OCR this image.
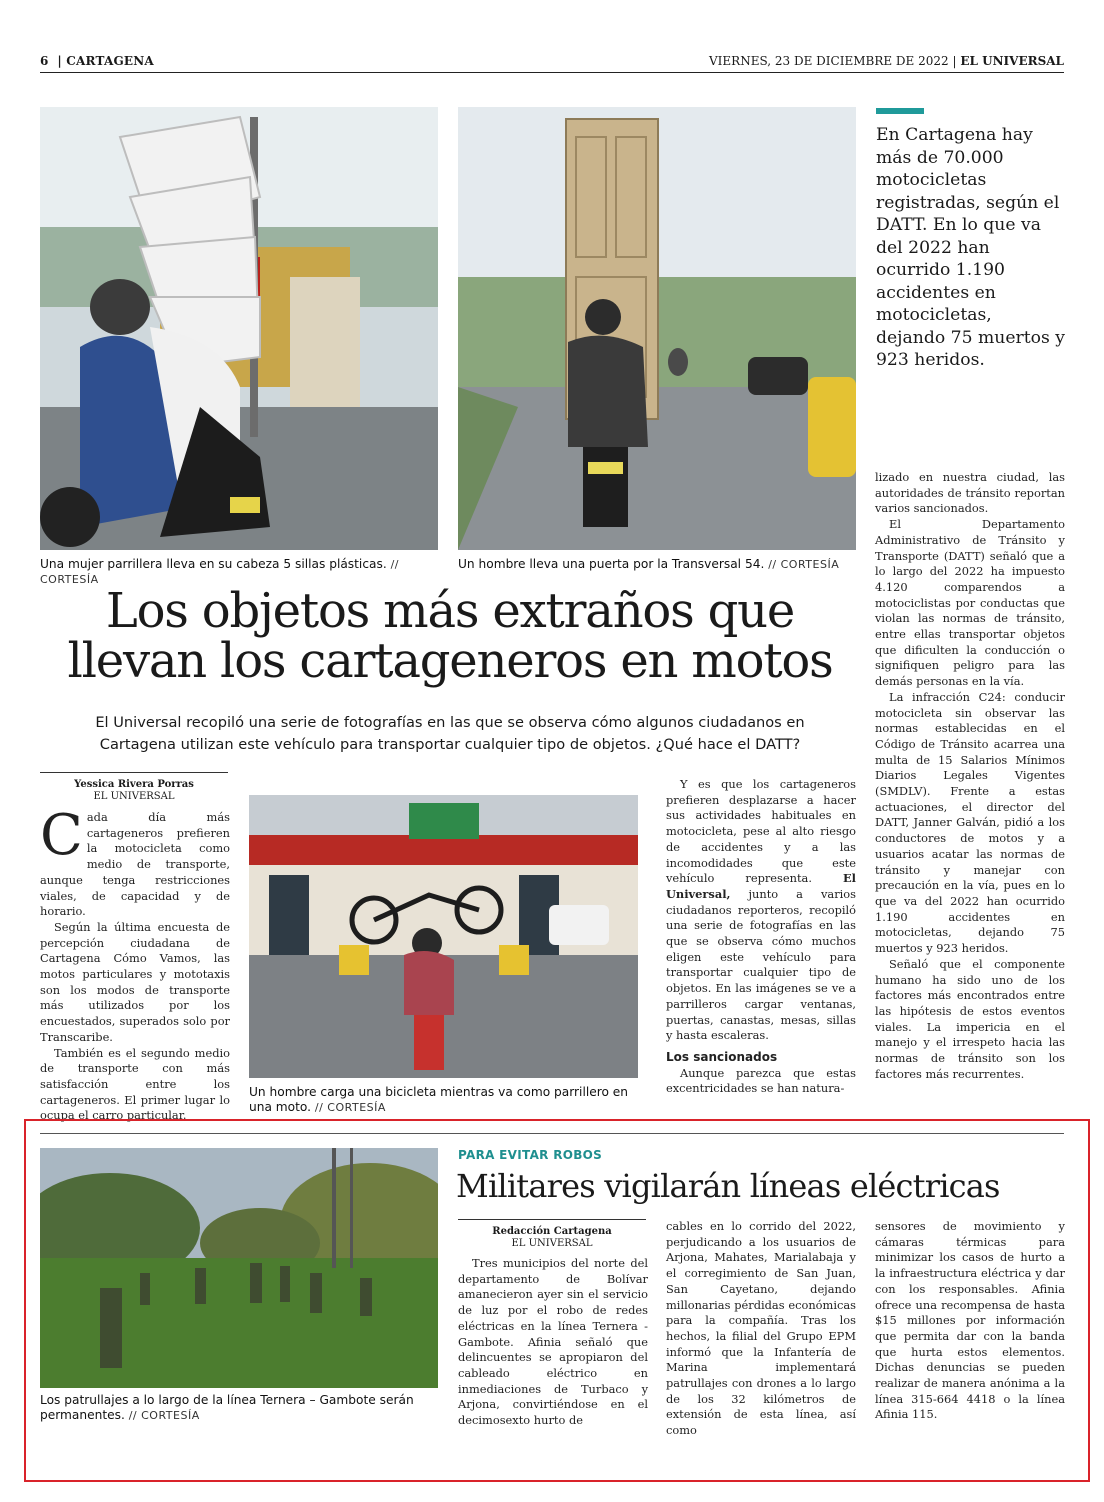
6  | CARTAGENA	VIERNES, 23 DE DICIEMBRE DE 2022 | EL UNIVERSAL
Una mujer parrillera lleva en su cabeza 5 sillas plásticas. // CORTESÍA
Un hombre lleva una puerta por la Transversal 54. // CORTESÍA
En Cartagena hay más de 70.000 motocicletas registradas, según el DATT. En lo que va del 2022 han ocurrido 1.190 accidentes en motocicletas, dejando 75 muertos y 923 heridos.
Los objetos más extraños que
llevan los cartageneros en motos
El Universal recopiló una serie de fotografías en las que se observa cómo algunos ciudadanos en
Cartagena utilizan este vehículo para transportar cualquier tipo de objetos. ¿Qué hace el DATT?
Yessica Rivera Porras
EL UNIVERSAL

Cada día más cartageneros prefieren la motocicleta como medio de transporte, aunque tenga restricciones viales, de capacidad y de horario.

Según la última encuesta de percepción ciudadana de Cartagena Cómo Vamos, las motos particulares y mototaxis son los modos de transporte más utilizados por los encuestados, superados solo por Transcaribe.

También es el segundo medio de transporte con más satisfacción entre los cartageneros. El primer lugar lo ocupa el carro particular.

Un hombre carga una bicicleta mientras va como parrillero en una moto. // CORTESÍA

Y es que los cartageneros prefieren desplazarse a hacer sus actividades habituales en motocicleta, pese al alto riesgo de accidentes y a las incomodidades que este vehículo representa.	El Universal, junto a varios ciudadanos reporteros, recopiló una serie de fotografías en las que se observa cómo muchos eligen este vehículo para transportar cualquier tipo de objetos. En las imágenes se ve a parrilleros cargar ventanas, puertas, canastas, mesas, sillas y hasta escaleras.

Los sancionados

Aunque parezca que estas excentricidades se han natura-

lizado en nuestra ciudad, las autoridades de tránsito reportan varios sancionados.

El Departamento Administrativo de Tránsito y Transporte (DATT) señaló que a lo largo del 2022 ha impuesto 4.120 comparendos a motociclistas por conductas que violan las normas de tránsito, entre ellas transportar objetos que dificulten la conducción o signifiquen peligro para las demás personas en la vía.

La infracción C24: conducir motocicleta sin observar las normas establecidas en el Código de Tránsito acarrea una multa de 15 Salarios Mínimos Diarios Legales Vigentes (SMDLV). Frente a estas actuaciones, el director del DATT, Janner Galván, pidió a los conductores de motos y a usuarios acatar las normas de tránsito y manejar con precaución en la vía, pues en lo que va del 2022 han ocurrido 1.190 accidentes en motocicletas, dejando 75 muertos y 923 heridos.

Señaló que el componente humano ha sido uno de los factores más encontrados entre las hipótesis de estos eventos viales. La impericia en el manejo y el irrespeto hacia las normas de tránsito son los factores más recurrentes.

Los patrullajes a lo largo de la línea Ternera – Gambote serán permanentes. // CORTESÍA
PARA EVITAR ROBOS
Militares vigilarán líneas eléctricas
Redacción Cartagena
EL UNIVERSAL

Tres municipios del norte del departamento de Bolívar amanecieron ayer sin el servicio de luz por el robo de redes eléctricas en la línea Ternera - Gambote. Afinia señaló que delincuentes se apropiaron del cableado eléctrico en inmediaciones de Turbaco y Arjona, convirtiéndose en el decimosexto hurto de

cables en lo corrido del 2022, perjudicando a los usuarios de Arjona, Mahates, Marialabaja y el corregimiento de San Juan, San Cayetano, dejando millonarias pérdidas económicas para la compañía. Tras los hechos, la filial del Grupo EPM informó que la Infantería de Marina implementará patrullajes con drones a lo largo de los 32 kilómetros de extensión de esta línea, así como

sensores de movimiento y cámaras térmicas para minimizar los casos de hurto a la infraestructura eléctrica y dar con los responsables. Afinia ofrece una recompensa de hasta $15 millones por información que permita dar con la banda que hurta estos elementos. Dichas denuncias se pueden realizar de manera anónima a la línea 315-664 4418 o la línea Afinia 115.
